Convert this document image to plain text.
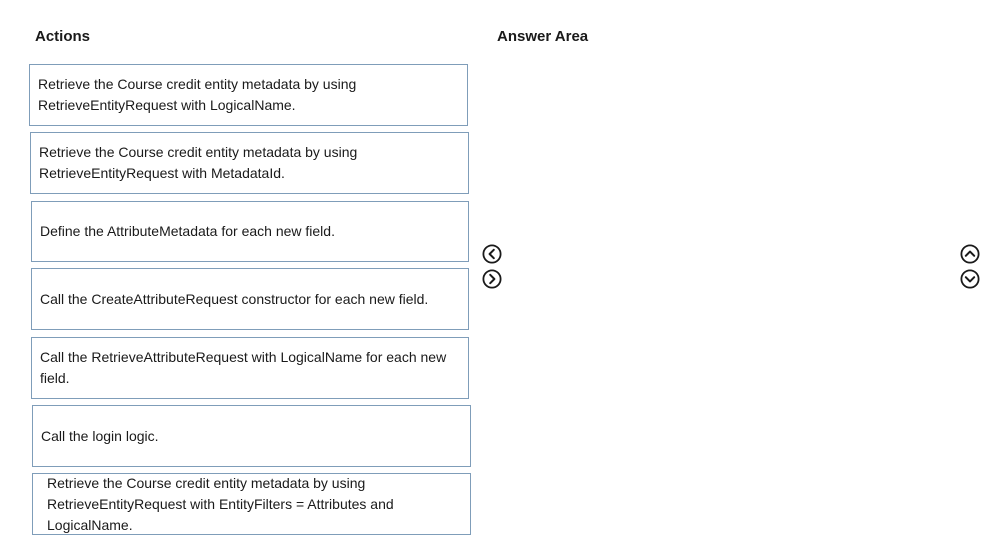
Actions	Answer Area
Retrieve the Course credit entity metadata by using RetrieveEntityRequest with LogicalName.
Retrieve the Course credit entity metadata by using RetrieveEntityRequest with MetadataId.
Define the AttributeMetadata for each new field.
Call the CreateAttributeRequest constructor for each new field.
Call the RetrieveAttributeRequest with LogicalName for each new field.
Call the login logic.
Retrieve the Course credit entity metadata by using RetrieveEntityRequest with EntityFilters = Attributes and LogicalName.
